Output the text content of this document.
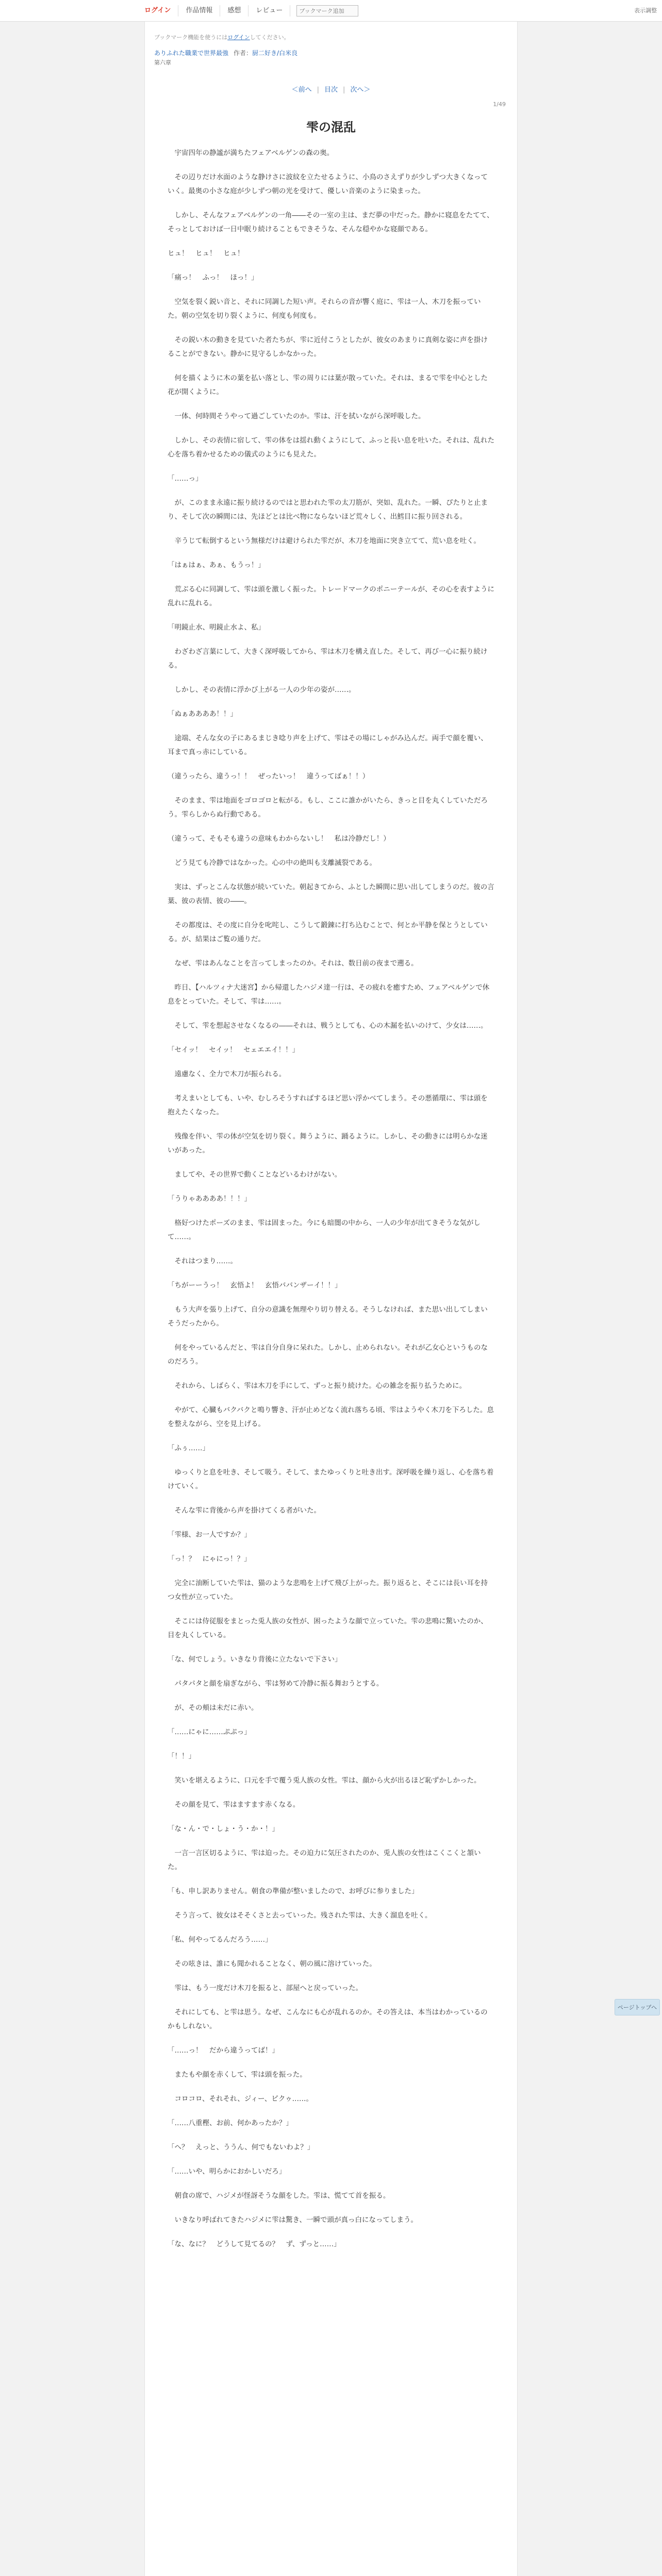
ログイン	作品情報	感想	レビュー
ブックマーク追加	表示調整
ブックマーク機能を使うにはログインしてください。
ありふれた職業で世界最強 作者：厨二好き/白米良
第六章
＜前へ | 目次 | 次へ＞
1/49
雫の混乱

　宇宙四年の静謐が満ちたフェアベルゲンの森の奥。

　その辺りだけ水面のような静けさに波紋を立たせるように、小鳥のさえずりが少しずつ大きくなっていく。最奥の小さな庭が少しずつ朝の光を受けて、優しい音楽のように染まった。

　しかし、そんなフェアベルゲンの一角――その一室の主は、まだ夢の中だった。静かに寝息をたてて、そっとしておけば一日中眠り続けることもできそうな、そんな穏やかな寝顔である。

ヒュ！　ヒュ！　ヒュ！

「痛っ！　ふっ！　ほっ！」

　空気を裂く鋭い音と、それに同調した短い声。それらの音が響く庭に、雫は一人、木刀を振っていた。朝の空気を切り裂くように、何度も何度も。

　その鋭い木の動きを見ていた者たちが、雫に近付こうとしたが、彼女のあまりに真剣な姿に声を掛けることができない。静かに見守るしかなかった。

　何を描くように木の葉を払い落とし、雫の周りには葉が散っていた。それは、まるで雫を中心とした花が開くように。

　一体、何時間そうやって過ごしていたのか。雫は、汗を拭いながら深呼吸した。

　しかし、その表情に宿して、雫の体をは揺れ動くようにして、ふっと長い息を吐いた。それは、乱れた心を落ち着かせるための儀式のようにも見えた。

「……っ」

　が、このまま永遠に振り続けるのではと思われた雫の太刀筋が、突如、乱れた。一瞬、ぴたりと止まり、そして次の瞬間には、先ほどとは比べ物にならないほど荒々しく、出鱈目に振り回される。

　辛うじて転倒するという無様だけは避けられた雫だが、木刀を地面に突き立てて、荒い息を吐く。

「はぁはぁ、あぁ、もうっ！」

　荒ぶる心に同調して、雫は頭を激しく振った。トレードマークのポニーテールが、その心を表すように乱れに乱れる。

「明鏡止水、明鏡止水よ、私」

　わざわざ言葉にして、大きく深呼吸してから、雫は木刀を構え直した。そして、再び一心に振り続ける。

　しかし、その表情に浮かび上がる一人の少年の姿が……。

「ぬぁああああ！！」

　途端、そんな女の子にあるまじき唸り声を上げて、雫はその場にしゃがみ込んだ。両手で顔を覆い、耳まで真っ赤にしている。

（違うったら、違うっ！！　ぜったいっ！　違うってばぁ！！）

　そのまま、雫は地面をゴロゴロと転がる。もし、ここに誰かがいたら、きっと目を丸くしていただろう。雫らしからぬ行動である。

（違うって、そもそも違うの意味もわからないし！　私は冷静だし！）

　どう見ても冷静ではなかった。心の中の絶叫も支離滅裂である。

　実は、ずっとこんな状態が続いていた。朝起きてから、ふとした瞬間に思い出してしまうのだ。彼の言葉、彼の表情、彼の――。

　その都度は、その度に自分を叱咤し、こうして鍛錬に打ち込むことで、何とか平静を保とうとしている。が、結果はご覧の通りだ。

　なぜ、雫はあんなことを言ってしまったのか。それは、数日前の夜まで遡る。

　昨日、【ハルツィナ大迷宮】から帰還したハジメ達一行は、その疲れを癒すため、フェアベルゲンで休息をとっていた。そして、雫は……。

　そして、雫を想起させなくなるの――それは、戦うとしても、心の木漏を払いのけて、少女は……。

「セイッ！　セイッ！　セェエエイ！！」

　遠慮なく、全力で木刀が振られる。

　考えまいとしても、いや、むしろそうすればするほど思い浮かべてしまう。その悪循環に、雫は頭を抱えたくなった。

　残像を伴い、雫の体が空気を切り裂く。舞うように、踊るように。しかし、その動きには明らかな迷いがあった。

　ましてや、その世界で動くことなどいるわけがない。

「うりゃああああ！！！」

　格好つけたポーズのまま、雫は固まった。今にも暗闇の中から、一人の少年が出てきそうな気がして……。

　それはつまり……。

「ちがーーうっ！　玄悟よ！　玄悟ババンザーイ！！」

　もう大声を張り上げて、自分の意識を無理やり切り替える。そうしなければ、また思い出してしまいそうだったから。

　何をやっているんだと、雫は自分自身に呆れた。しかし、止められない。それが乙女心というものなのだろう。

　それから、しばらく、雫は木刀を手にして、ずっと振り続けた。心の雑念を振り払うために。

　やがて、心臓もバクバクと鳴り響き、汗が止めどなく流れ落ちる頃、雫はようやく木刀を下ろした。息を整えながら、空を見上げる。

「ふぅ……」

　ゆっくりと息を吐き、そして吸う。そして、またゆっくりと吐き出す。深呼吸を繰り返し、心を落ち着けていく。

　そんな雫に背後から声を掛けてくる者がいた。

「雫様、お一人ですか？」

「っ！？　にゃにっ！？」

　完全に油断していた雫は、猫のような悲鳴を上げて飛び上がった。振り返ると、そこには長い耳を持つ女性が立っていた。

　そこには侍従服をまとった兎人族の女性が、困ったような顔で立っていた。雫の悲鳴に驚いたのか、目を丸くしている。

「な、何でしょう。いきなり背後に立たないで下さい」

　パタパタと顔を扇ぎながら、雫は努めて冷静に振る舞おうとする。

　が、その頬は未だに赤い。

「……にゃに……ぷぷっ」

「！！」

　笑いを堪えるように、口元を手で覆う兎人族の女性。雫は、顔から火が出るほど恥ずかしかった。

　その顔を見て、雫はますます赤くなる。

「な・ん・で・しょ・う・か・！」

　一言一言区切るように、雫は迫った。その迫力に気圧されたのか、兎人族の女性はこくこくと頷いた。

「も、申し訳ありません。朝食の準備が整いましたので、お呼びに参りました」

　そう言って、彼女はそそくさと去っていった。残された雫は、大きく溜息を吐く。

「私、何やってるんだろう……」

　その呟きは、誰にも聞かれることなく、朝の風に溶けていった。

　雫は、もう一度だけ木刀を振ると、部屋へと戻っていった。

　それにしても、と雫は思う。なぜ、こんなにも心が乱れるのか。その答えは、本当はわかっているのかもしれない。

「……っ！　だから違うってば！」

　またもや顔を赤くして、雫は頭を振った。

　コロコロ、それそれ、ジィー、ピクゥ……。

「……八重樫、お前、何かあったか？」

「へ？　えっと、ううん、何でもないわよ？」

「……いや、明らかにおかしいだろ」

　朝食の席で、ハジメが怪訝そうな顔をした。雫は、慌てて首を振る。

　いきなり呼ばれてきたハジメに雫は驚き、一瞬で頭が真っ白になってしまう。

「な、なに？　どうして見てるの？　ず、ずっと……」

ページトップへ
